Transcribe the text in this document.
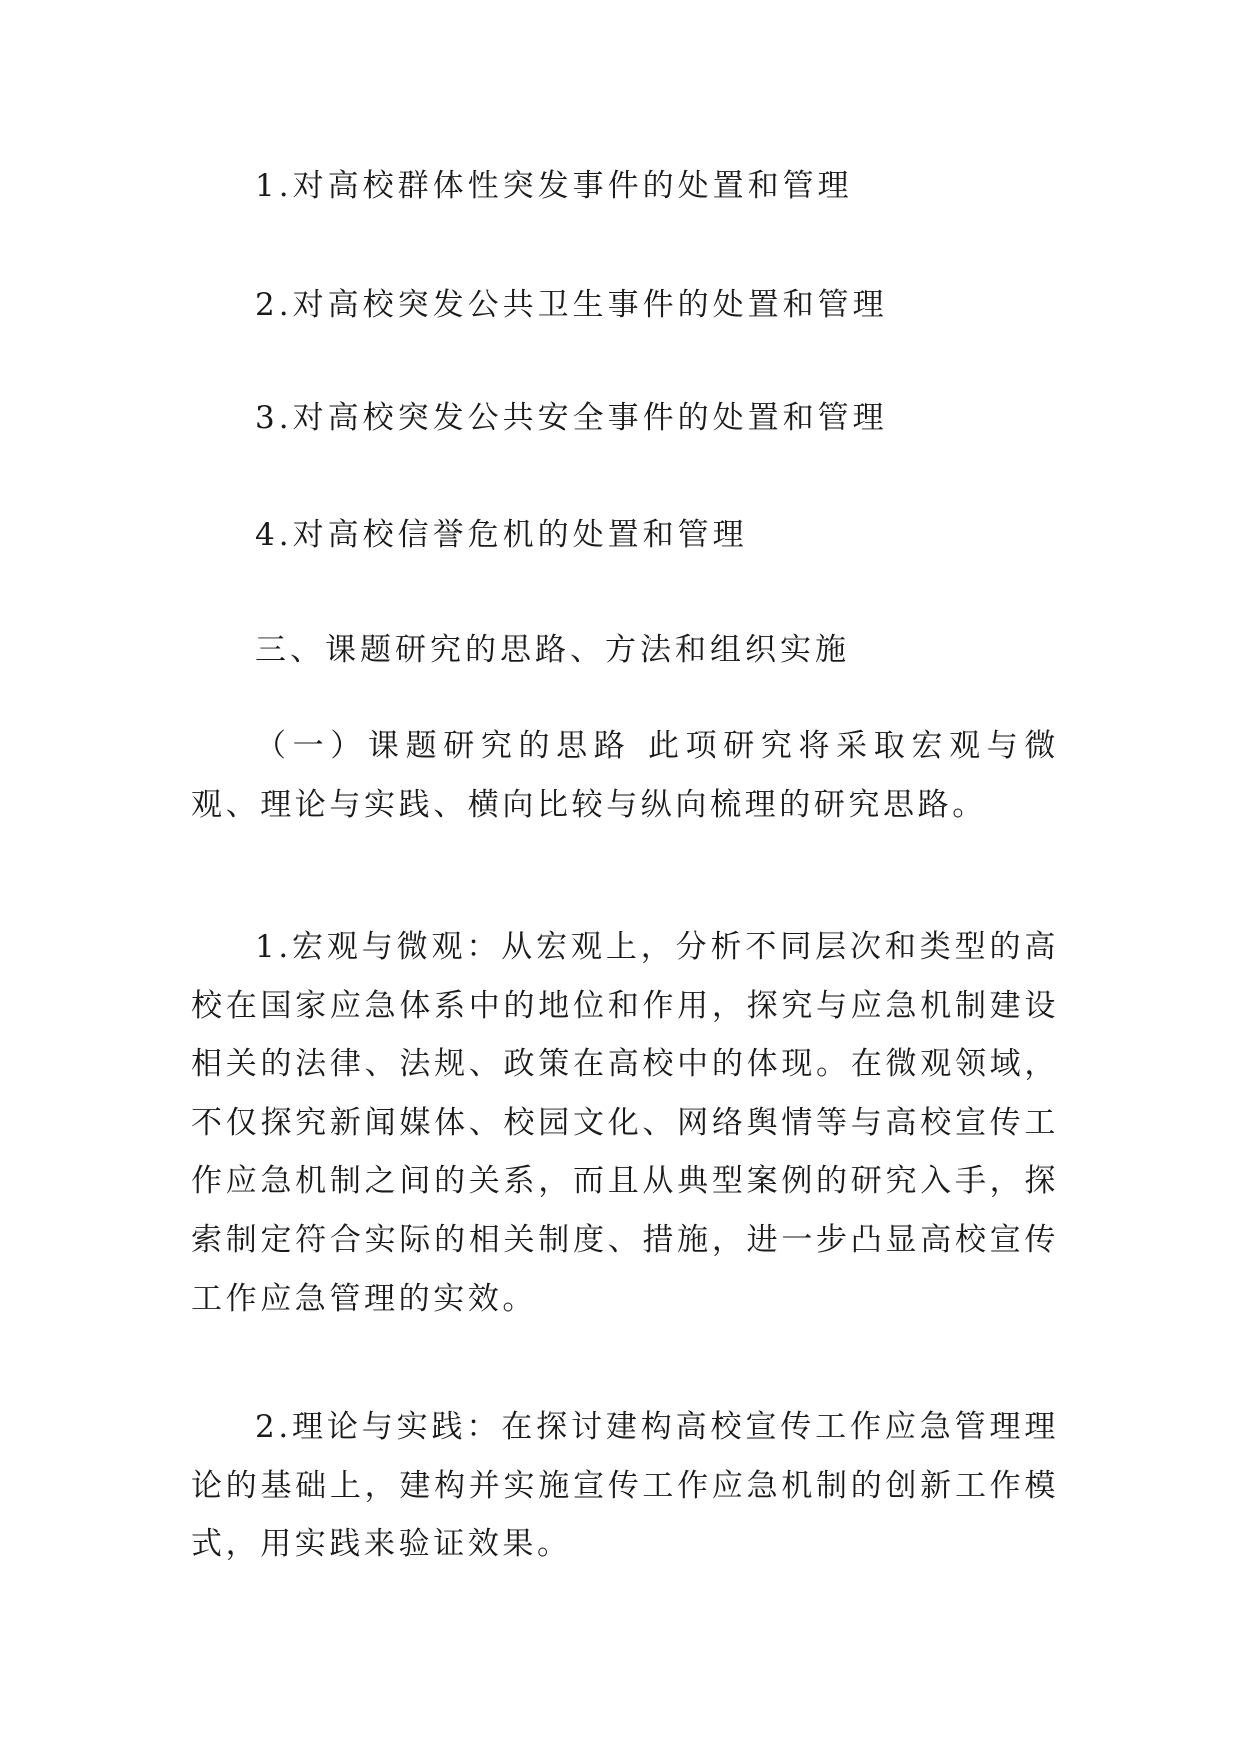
1.对高校群体性突发事件的处置和管理
2.对高校突发公共卫生事件的处置和管理
3.对高校突发公共安全事件的处置和管理
4.对高校信誉危机的处置和管理
三、课题研究的思路、方法和组织实施
（一）课题研究的思路 此项研究将采取宏观与微观、理论与实践、横向比较与纵向梳理的研究思路。
1.宏观与微观：从宏观上，分析不同层次和类型的高校在国家应急体系中的地位和作用，探究与应急机制建设相关的法律、法规、政策在高校中的体现。在微观领域，不仅探究新闻媒体、校园文化、网络舆情等与高校宣传工作应急机制之间的关系，而且从典型案例的研究入手，探索制定符合实际的相关制度、措施，进一步凸显高校宣传工作应急管理的实效。
2.理论与实践：在探讨建构高校宣传工作应急管理理论的基础上，建构并实施宣传工作应急机制的创新工作模式，用实践来验证效果。
